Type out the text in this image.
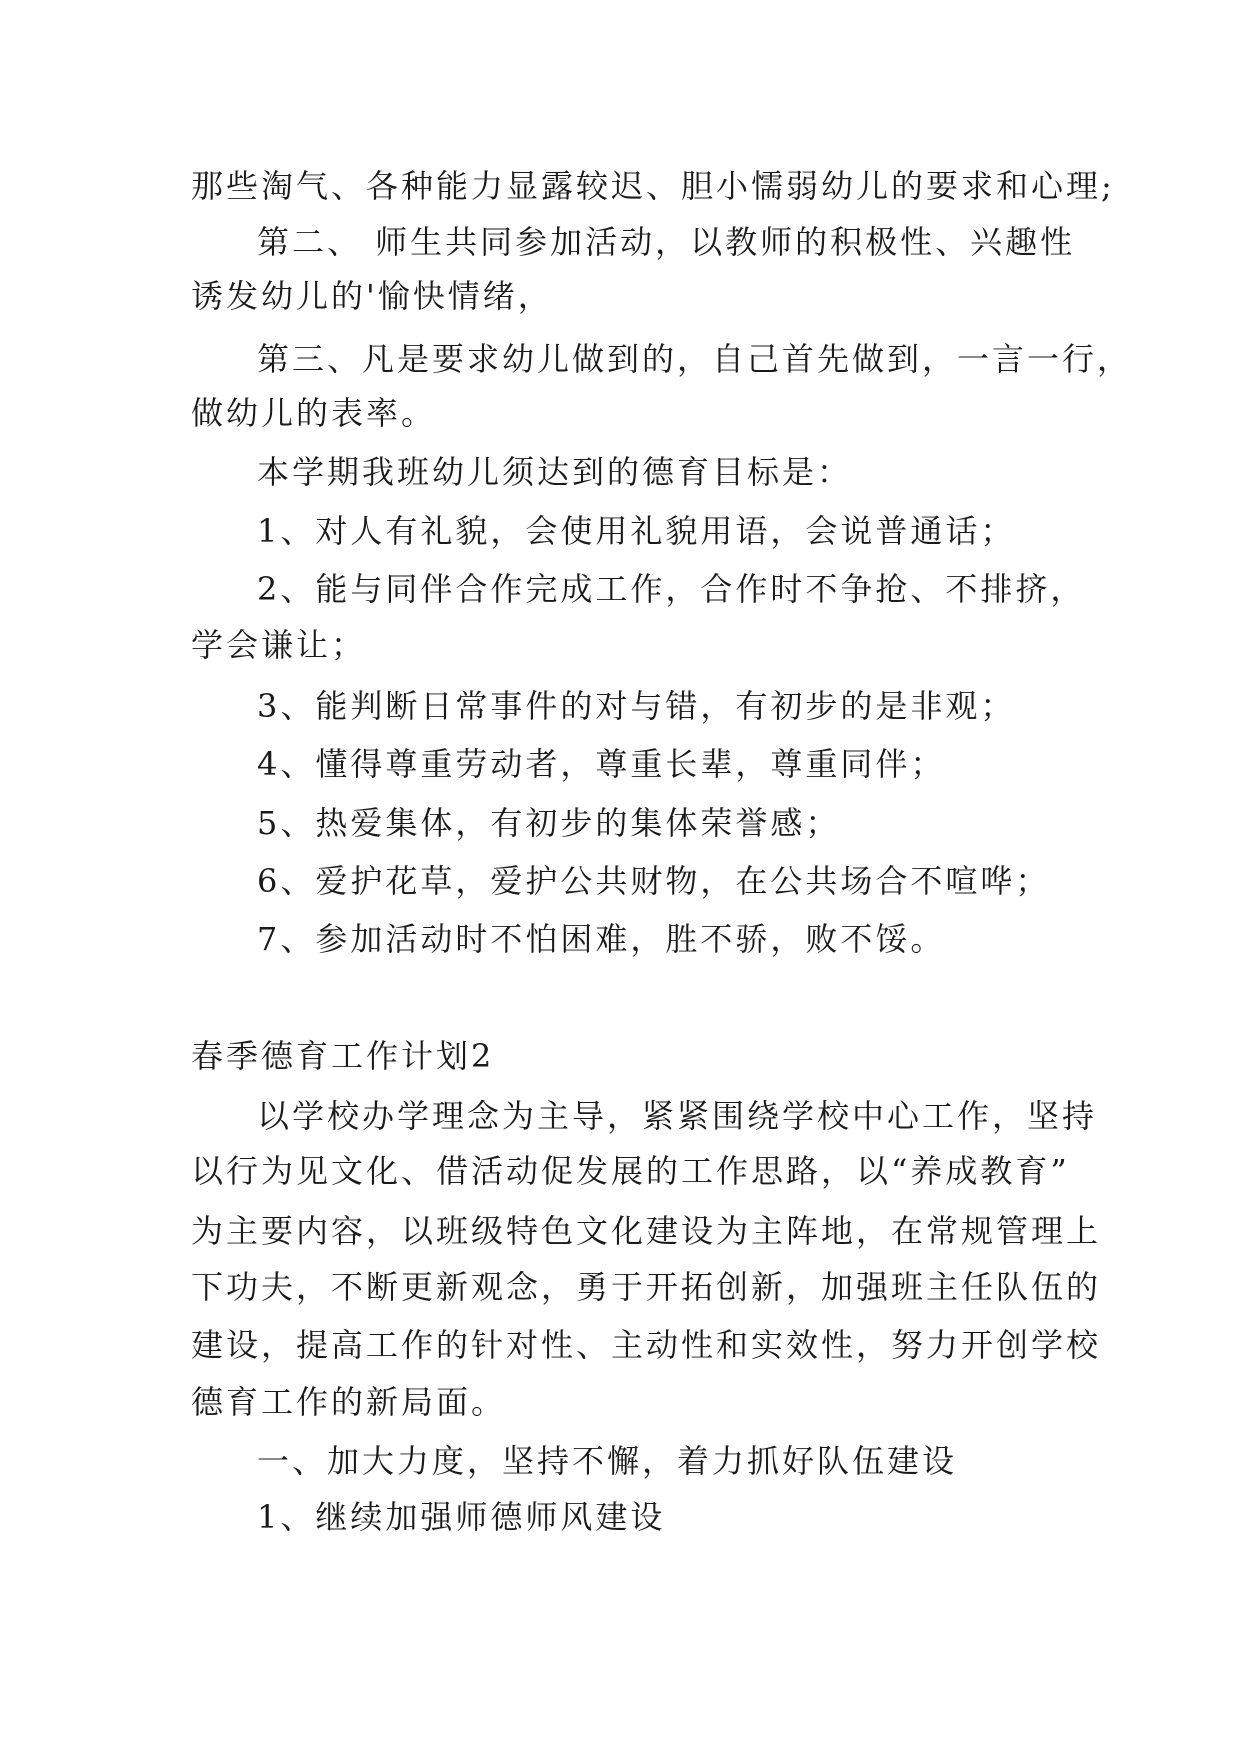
那些淘气、各种能力显露较迟、胆小懦弱幼儿的要求和心理;
第二、 师生共同参加活动，以教师的积极性、兴趣性
诱发幼儿的'愉快情绪，
第三、凡是要求幼儿做到的，自己首先做到，一言一行，
做幼儿的表率。
本学期我班幼儿须达到的德育目标是：
1、对人有礼貌，会使用礼貌用语，会说普通话；
2、能与同伴合作完成工作，合作时不争抢、不排挤，
学会谦让；
3、能判断日常事件的对与错，有初步的是非观；
4、懂得尊重劳动者，尊重长辈，尊重同伴；
5、热爱集体，有初步的集体荣誉感；
6、爱护花草，爱护公共财物，在公共场合不喧哗；
7、参加活动时不怕困难，胜不骄，败不馁。
春季德育工作计划2
以学校办学理念为主导，紧紧围绕学校中心工作，坚持
以行为见文化、借活动促发展的工作思路，以“养成教育”
为主要内容，以班级特色文化建设为主阵地，在常规管理上
下功夫，不断更新观念，勇于开拓创新，加强班主任队伍的
建设，提高工作的针对性、主动性和实效性，努力开创学校
德育工作的新局面。
一、加大力度，坚持不懈，着力抓好队伍建设
1、继续加强师德师风建设
